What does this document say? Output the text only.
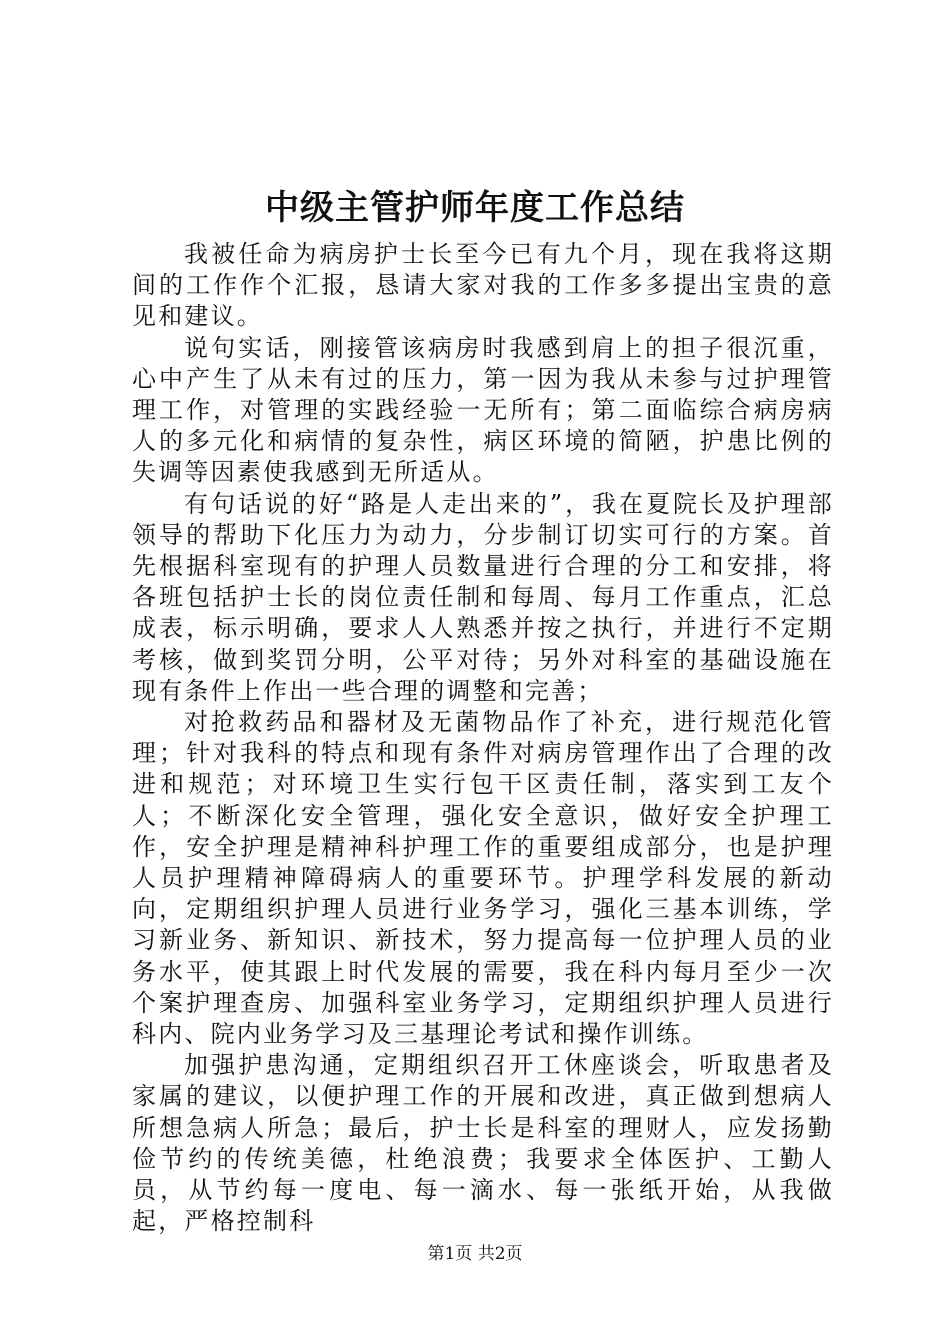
中级主管护师年度工作总结

我被任命为病房护士长至今已有九个月，现在我将这期间的工作作个汇报，恳请大家对我的工作多多提出宝贵的意见和建议。

说句实话，刚接管该病房时我感到肩上的担子很沉重，心中产生了从未有过的压力，第一因为我从未参与过护理管理工作，对管理的实践经验一无所有；第二面临综合病房病人的多元化和病情的复杂性，病区环境的简陋，护患比例的失调等因素使我感到无所适从。

有句话说的好“路是人走出来的”，我在夏院长及护理部领导的帮助下化压力为动力，分步制订切实可行的方案。首先根据科室现有的护理人员数量进行合理的分工和安排，将各班包括护士长的岗位责任制和每周、每月工作重点，汇总成表，标示明确，要求人人熟悉并按之执行，并进行不定期考核，做到奖罚分明，公平对待；另外对科室的基础设施在现有条件上作出一些合理的调整和完善；

对抢救药品和器材及无菌物品作了补充，进行规范化管理；针对我科的特点和现有条件对病房管理作出了合理的改进和规范；对环境卫生实行包干区责任制，落实到工友个人；不断深化安全管理，强化安全意识，做好安全护理工作，安全护理是精神科护理工作的重要组成部分，也是护理人员护理精神障碍病人的重要环节。护理学科发展的新动向，定期组织护理人员进行业务学习，强化三基本训练，学习新业务、新知识、新技术，努力提高每一位护理人员的业务水平，使其跟上时代发展的需要，我在科内每月至少一次个案护理查房、加强科室业务学习，定期组织护理人员进行科内、院内业务学习及三基理论考试和操作训练。

加强护患沟通，定期组织召开工休座谈会，听取患者及家属的建议，以便护理工作的开展和改进，真正做到想病人所想急病人所急；最后，护士长是科室的理财人，应发扬勤俭节约的传统美德，杜绝浪费；我要求全体医护、工勤人员，从节约每一度电、每一滴水、每一张纸开始，从我做起，严格控制科

第1页 共2页
